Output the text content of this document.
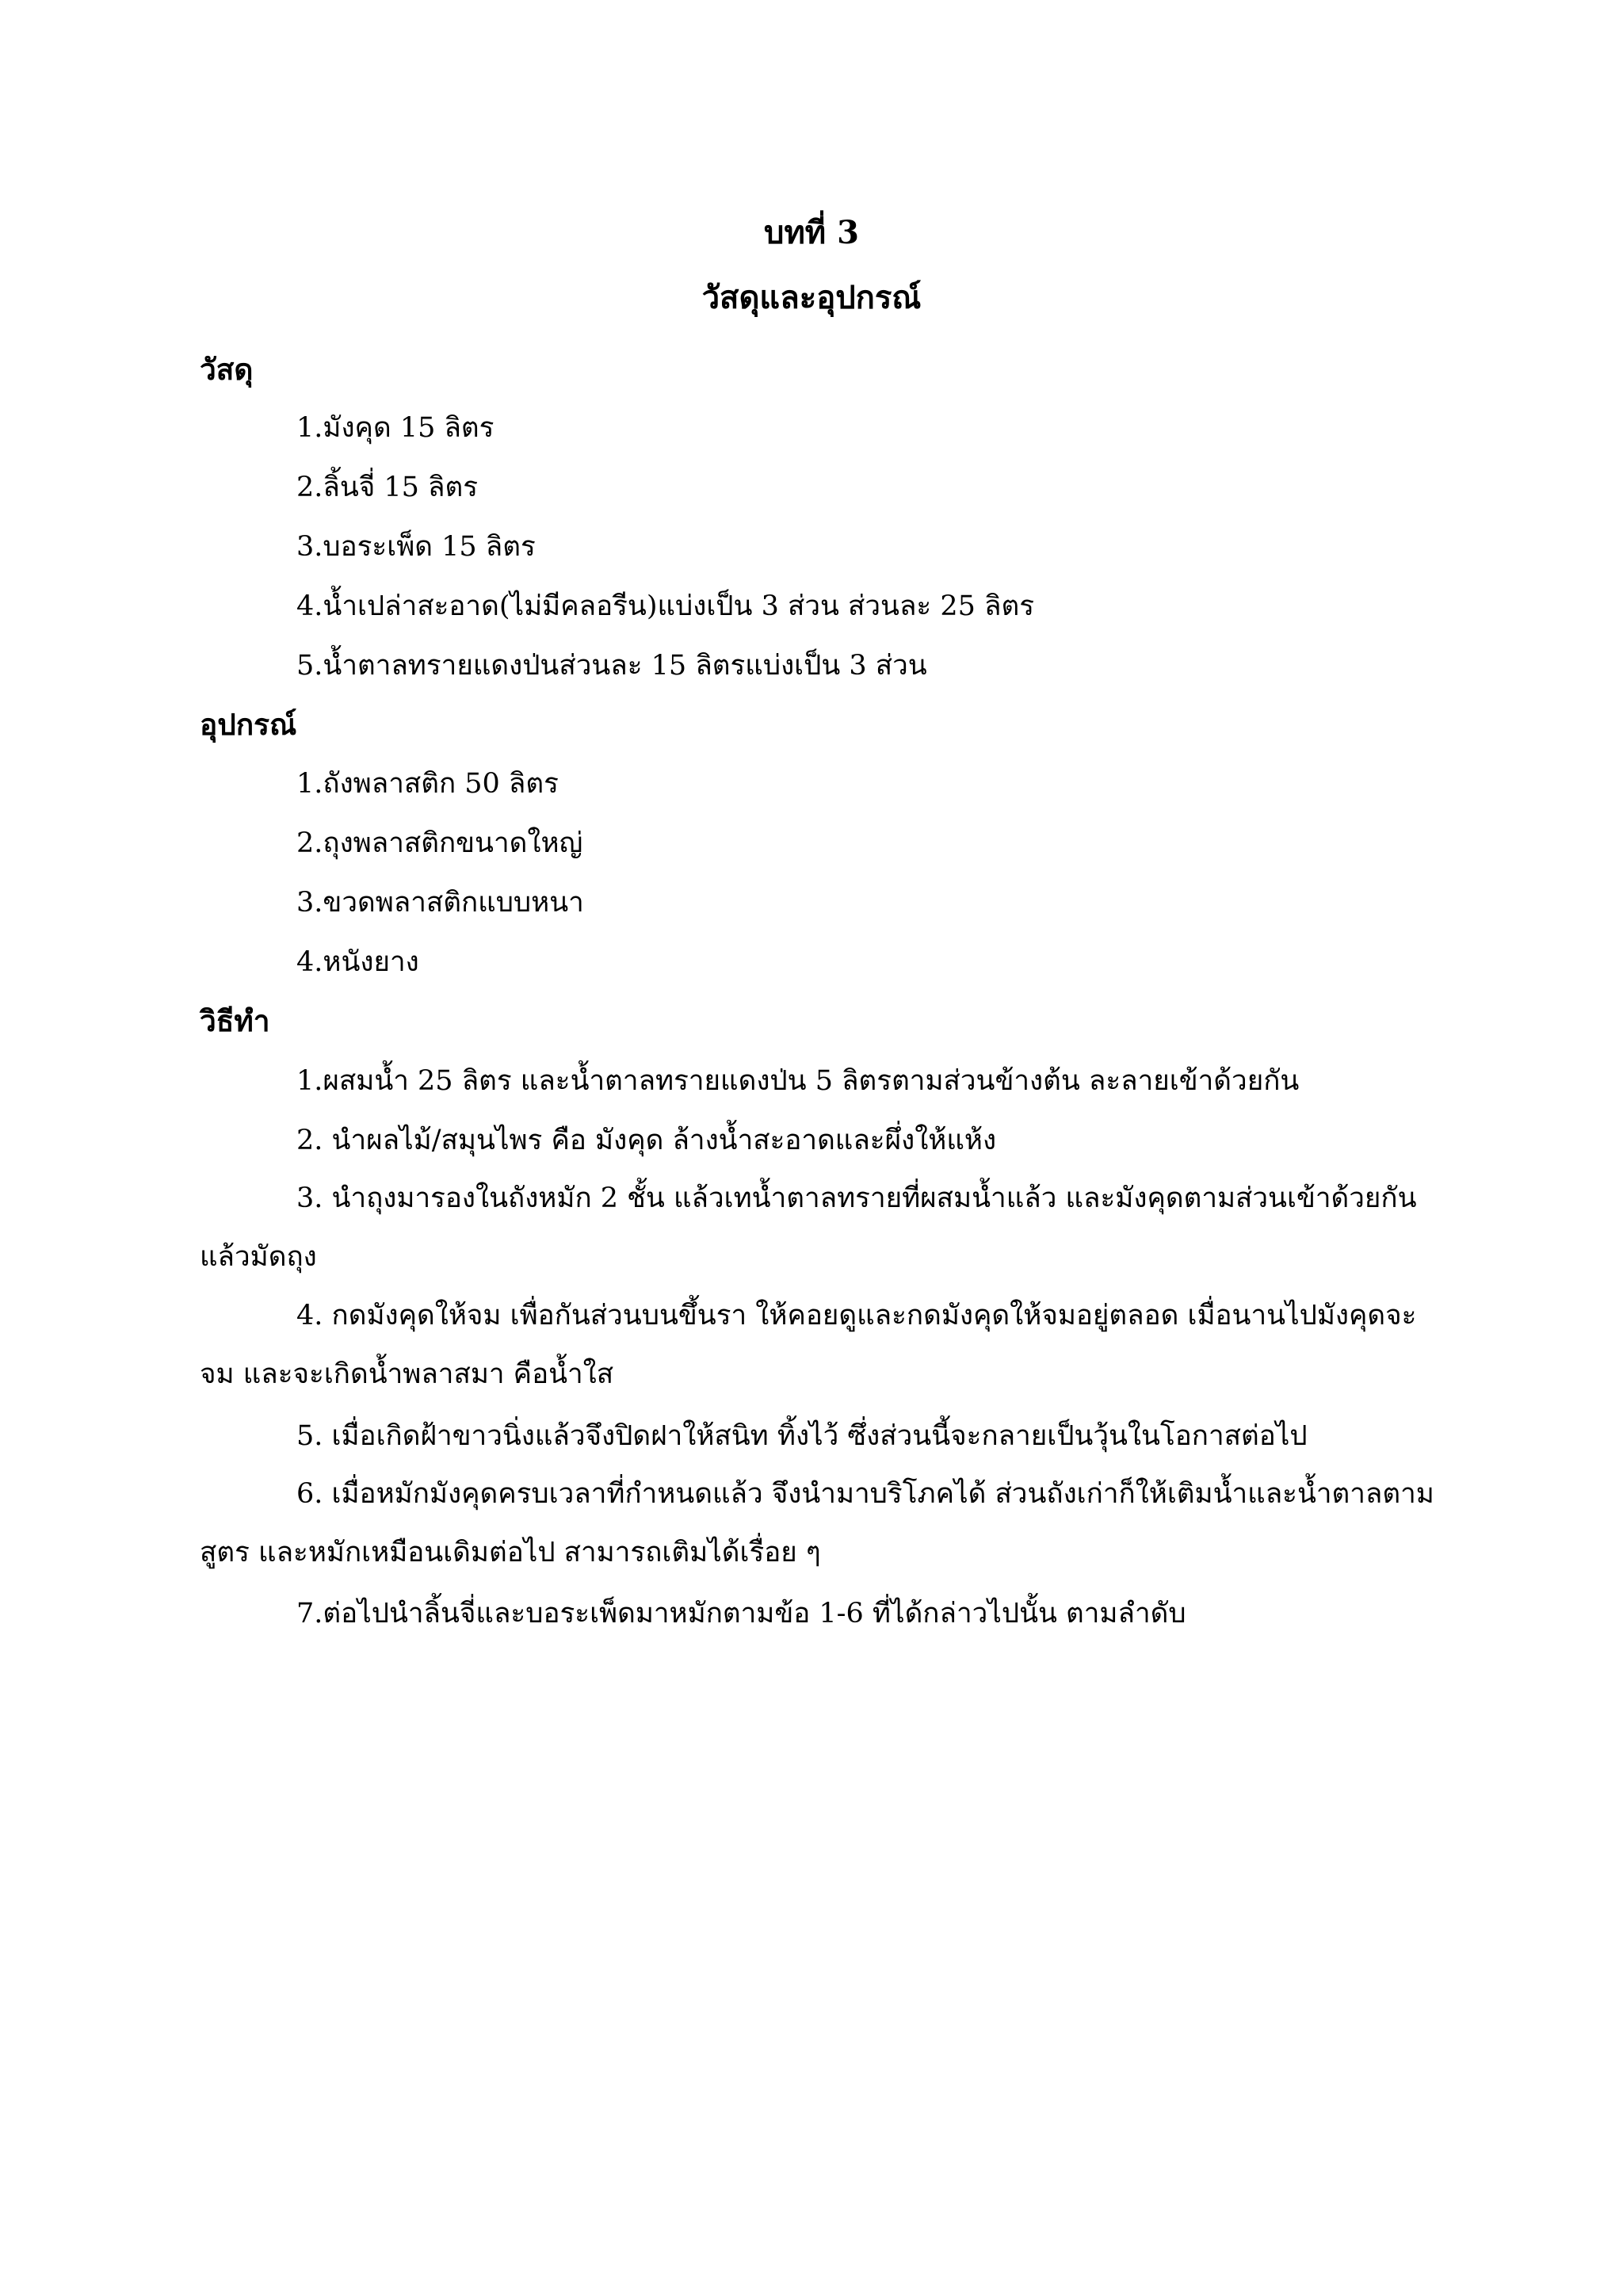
บทที่ 3
วัสดุและอุปกรณ์
วัสดุ
1.มังคุด 15 ลิตร
2.ลิ้นจี่ 15 ลิตร
3.บอระเพ็ด 15 ลิตร
4.น้ำเปล่าสะอาด(ไม่มีคลอรีน)แบ่งเป็น 3 ส่วน ส่วนละ 25 ลิตร
5.น้ำตาลทรายแดงป่นส่วนละ 15 ลิตรแบ่งเป็น 3 ส่วน
อุปกรณ์
1.ถังพลาสติก 50 ลิตร
2.ถุงพลาสติกขนาดใหญ่
3.ขวดพลาสติกแบบหนา
4.หนังยาง
วิธีทำ
1.ผสมน้ำ 25 ลิตร และน้ำตาลทรายแดงป่น 5 ลิตรตามส่วนข้างต้น ละลายเข้าด้วยกัน
2. นำผลไม้/สมุนไพร คือ มังคุด ล้างน้ำสะอาดและผึ่งให้แห้ง
3. นำถุงมารองในถังหมัก 2 ชั้น แล้วเทน้ำตาลทรายที่ผสมน้ำแล้ว และมังคุดตามส่วนเข้าด้วยกันแล้วมัดถุง
4. กดมังคุดให้จม เพื่อกันส่วนบนขึ้นรา ให้คอยดูและกดมังคุดให้จมอยู่ตลอด เมื่อนานไปมังคุดจะจม และจะเกิดน้ำพลาสมา คือน้ำใส
5. เมื่อเกิดฝ้าขาวนิ่งแล้วจึงปิดฝาให้สนิท ทิ้งไว้ ซึ่งส่วนนี้จะกลายเป็นวุ้นในโอกาสต่อไป
6. เมื่อหมักมังคุดครบเวลาที่กำหนดแล้ว จึงนำมาบริโภคได้ ส่วนถังเก่าก็ให้เติมน้ำและน้ำตาลตามสูตร และหมักเหมือนเดิมต่อไป สามารถเติมได้เรื่อย ๆ
7.ต่อไปนำลิ้นจี่และบอระเพ็ดมาหมักตามข้อ 1-6 ที่ได้กล่าวไปนั้น ตามลำดับ
